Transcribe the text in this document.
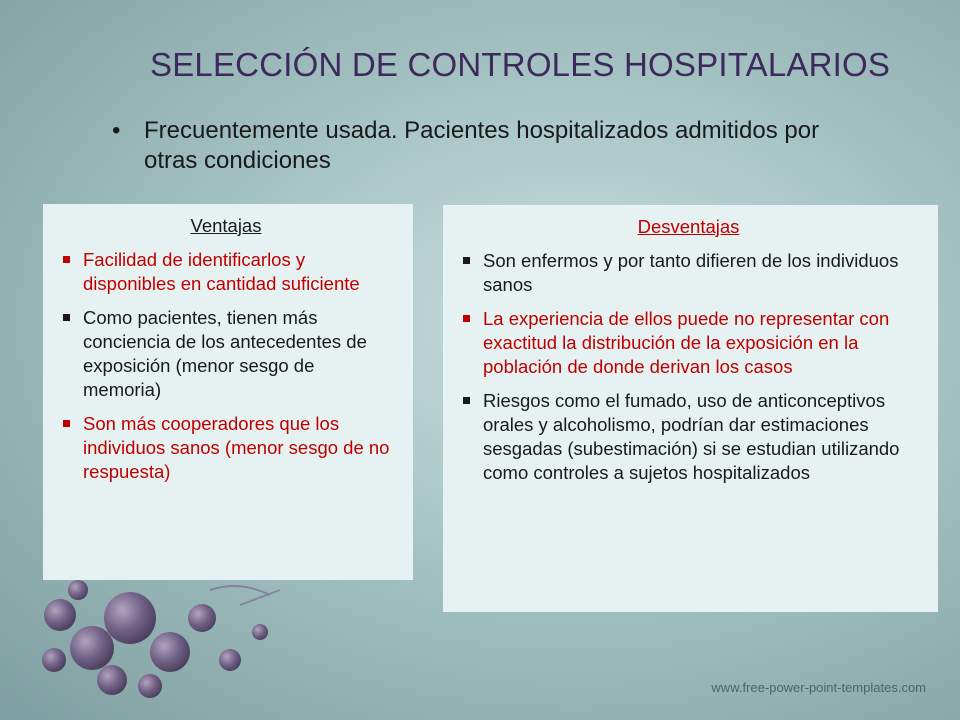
SELECCIÓN DE CONTROLES HOSPITALARIOS
• Frecuentemente usada. Pacientes hospitalizados admitidos por otras condiciones
Ventajas
Facilidad de identificarlos y disponibles en cantidad suficiente
Como pacientes, tienen más conciencia de los antecedentes de exposición (menor sesgo de memoria)
Son más cooperadores que los individuos sanos (menor sesgo de no respuesta)
Desventajas
Son enfermos y por tanto difieren de los individuos sanos
La experiencia de ellos puede no representar con exactitud la distribución de la exposición en la población de donde derivan los casos
Riesgos como el fumado, uso de anticonceptivos orales y alcoholismo, podrían dar estimaciones sesgadas (subestimación) si se estudian utilizando como controles a sujetos hospitalizados
www.free-power-point-templates.com
